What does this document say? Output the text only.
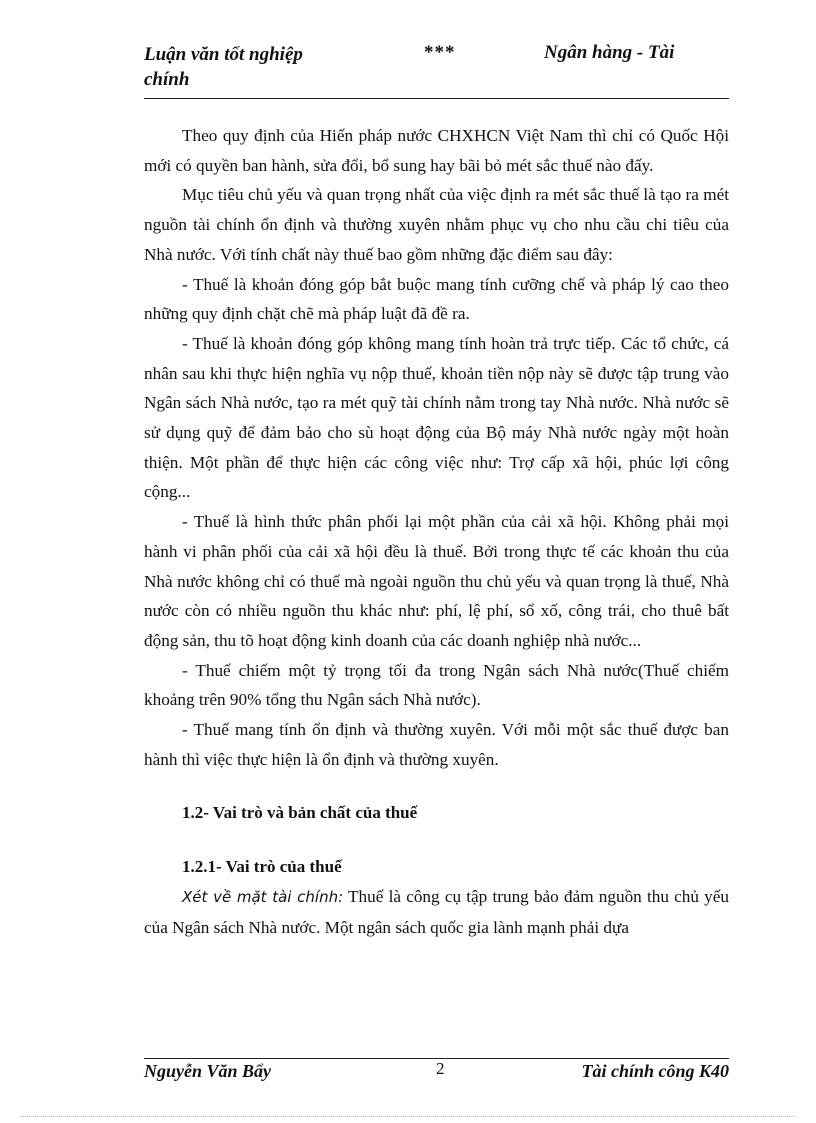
Luận văn tốt nghiệp chính
***	Ngân hàng - Tài

Theo quy định của Hiến pháp nước CHXHCN Việt Nam thì chỉ có Quốc Hội mới có quyền ban hành, sửa đổi, bổ sung hay bãi bỏ mét sắc thuế nào đấy.

Mục tiêu chủ yếu và quan trọng nhất của việc định ra mét sắc thuế là tạo ra mét nguồn tài chính ổn định và thường xuyên nhằm phục vụ cho nhu cầu chi tiêu của Nhà nước. Với tính chất này thuế bao gồm những đặc điểm sau đây:

- Thuế là khoản đóng góp bắt buộc mang tính cưỡng chế và pháp lý cao theo những quy định chặt chẽ mà pháp luật đã đề ra.

- Thuế là khoản đóng góp không mang tính hoàn trả trực tiếp. Các tổ chức, cá nhân sau khi thực hiện nghĩa vụ nộp thuế, khoản tiền nộp này sẽ được tập trung vào Ngân sách Nhà nước, tạo ra mét quỹ tài chính nằm trong tay Nhà nước. Nhà nước sẽ sử dụng quỹ để đảm bảo cho sù hoạt động của Bộ máy Nhà nước ngày một hoàn thiện. Một phần để thực hiện các công việc như: Trợ cấp xã hội, phúc lợi công cộng...

- Thuế là hình thức phân phối lại một phần của cải xã hội. Không phải mọi hành vi phân phối của cải xã hội đều là thuế. Bởi trong thực tế các khoản thu của Nhà nước không chỉ có thuế mà ngoài nguồn thu chủ yếu và quan trọng là thuế, Nhà nước còn có nhiều nguồn thu khác như: phí, lệ phí, sổ xố, công trái, cho thuê bất động sản, thu tõ hoạt động kinh doanh của các doanh nghiệp nhà nước...

- Thuế chiếm một tỷ trọng tối đa trong Ngân sách Nhà nước(Thuế chiếm khoảng trên 90% tổng thu Ngân sách Nhà nước).

- Thuế mang tính ổn định và thường xuyên. Với mỗi một sắc thuế được ban hành thì việc thực hiện là ổn định và thường xuyên.

1.2- Vai trò và bản chất của thuế

1.2.1- Vai trò của thuế

Xét về mặt tài chính: Thuế là công cụ tập trung bảo đảm nguồn thu chủ yếu của Ngân sách Nhà nước. Một ngân sách quốc gia lành mạnh phải dựa

Nguyễn Văn Bẩy	2	Tài chính công K40
